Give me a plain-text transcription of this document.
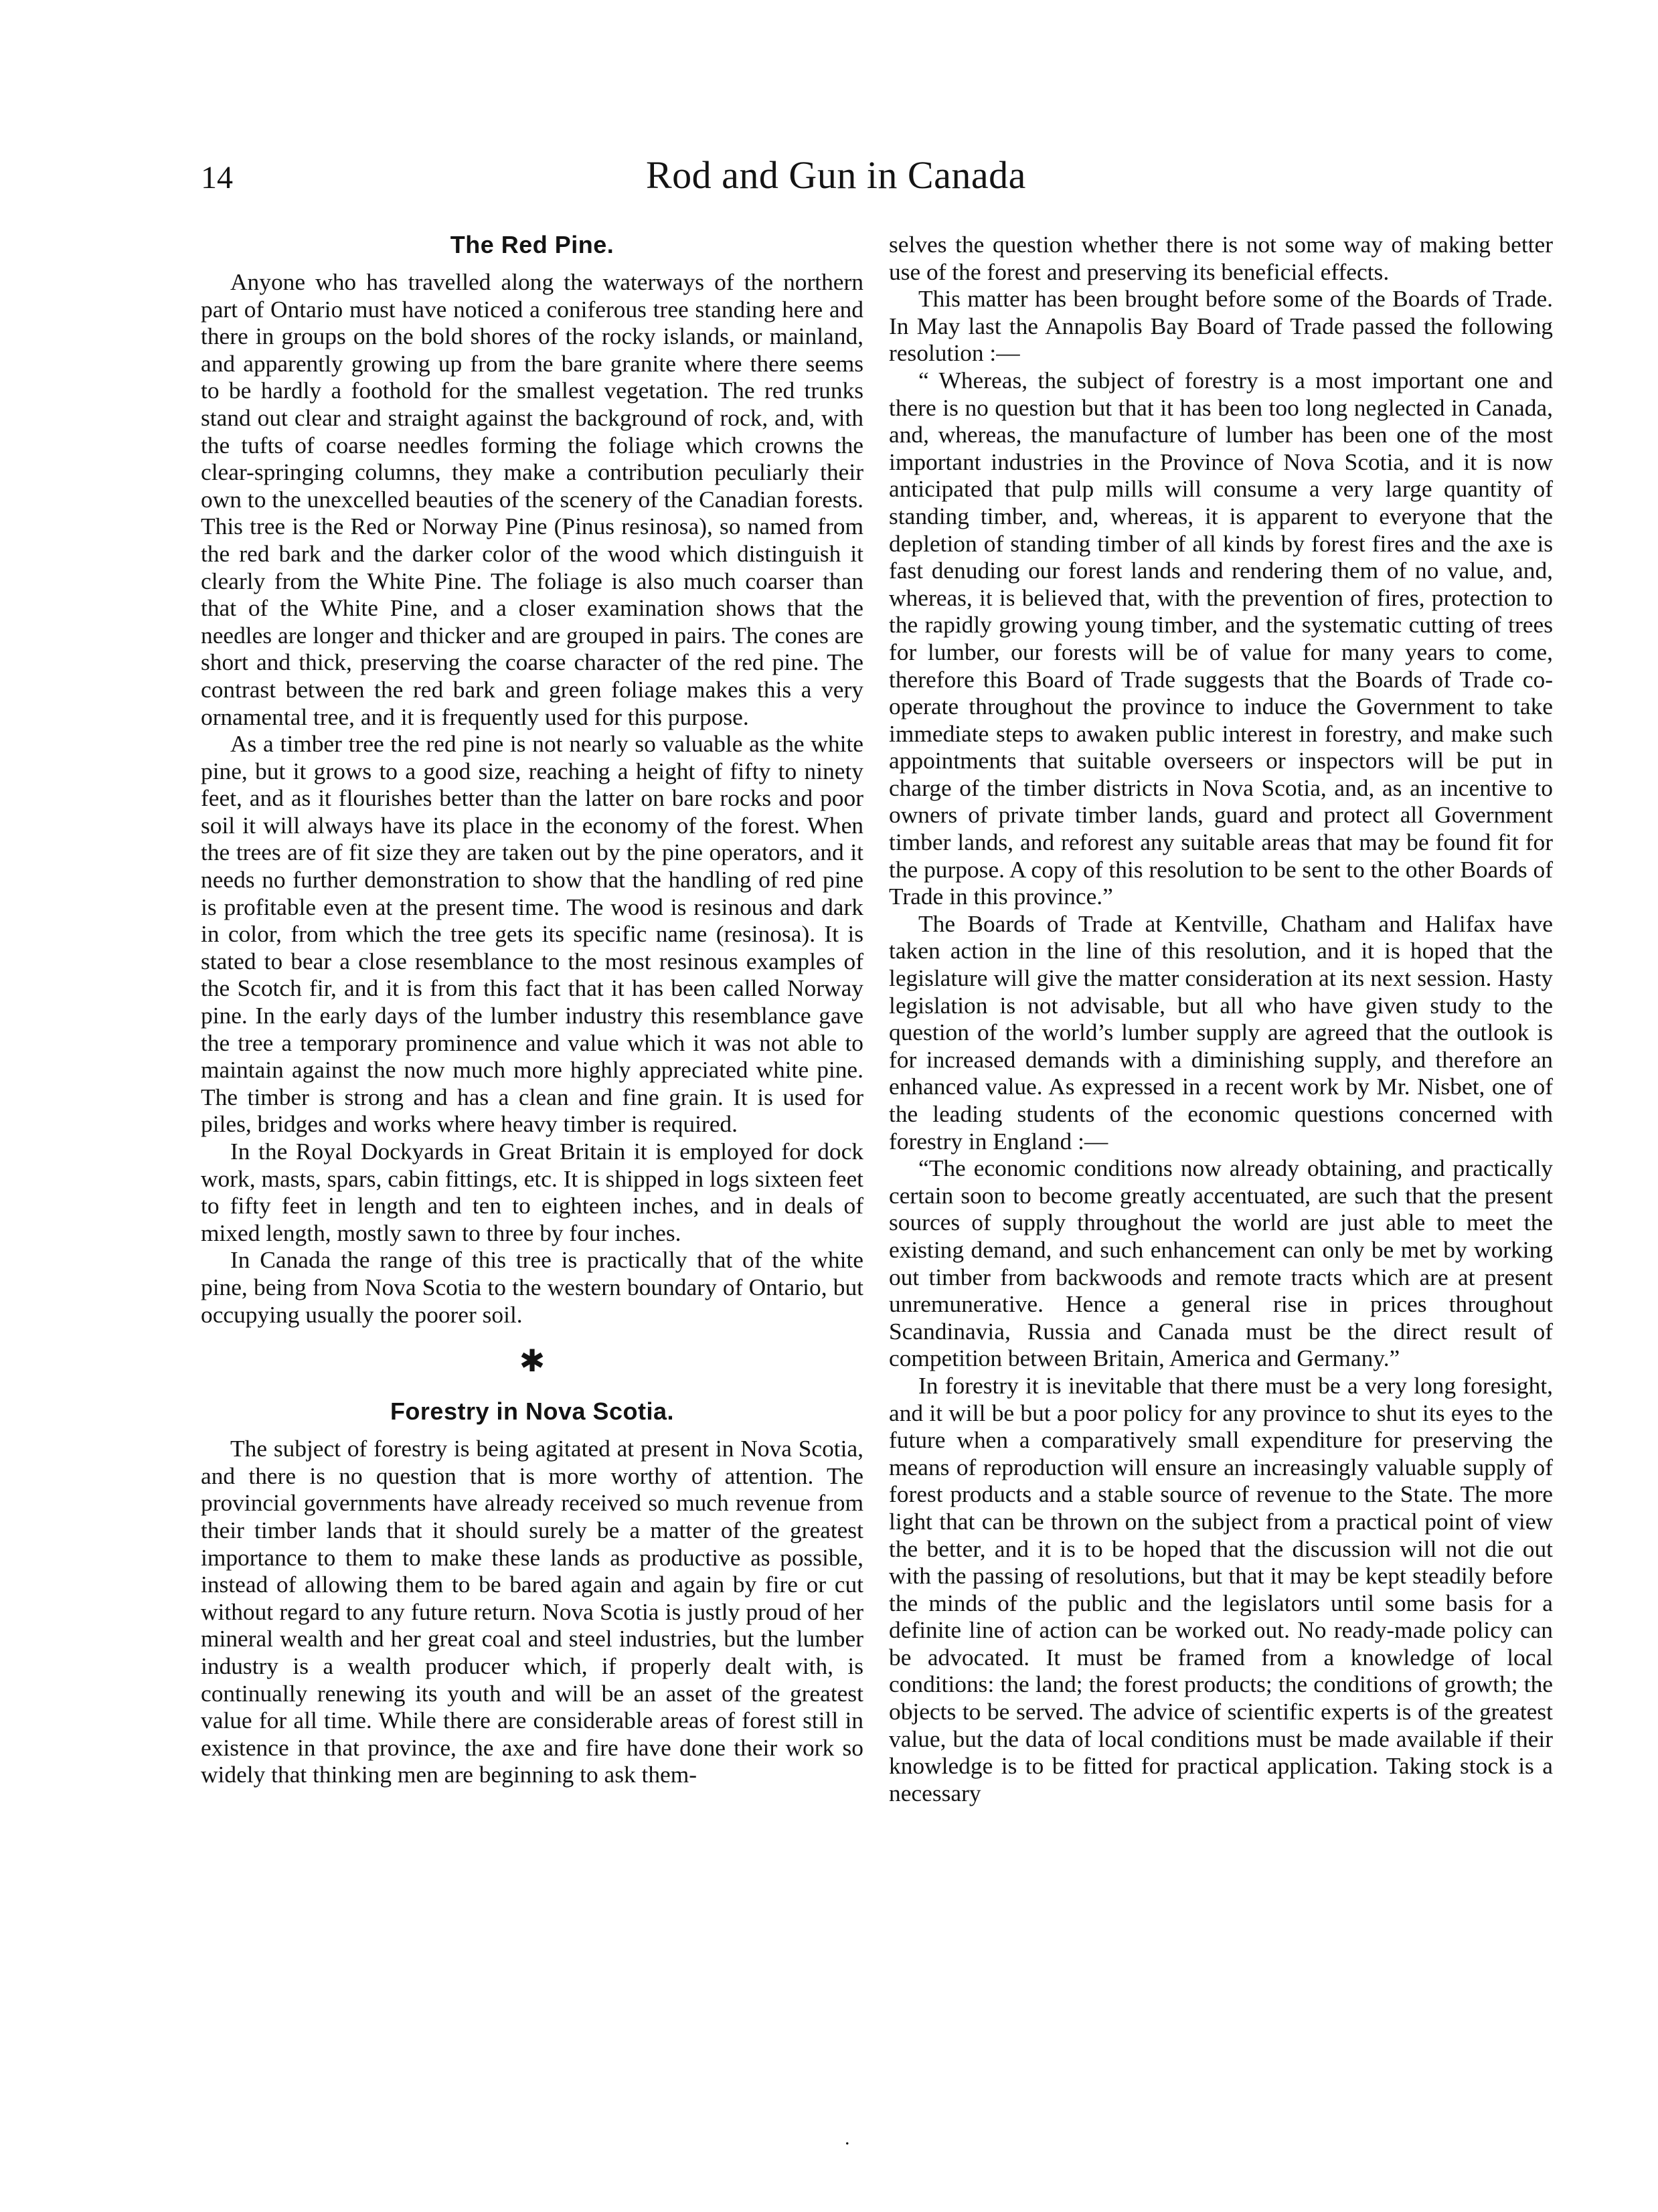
14	Rod and Gun in Canada
The Red Pine.

Anyone who has travelled along the waterways of the northern part of Ontario must have noticed a coniferous tree standing here and there in groups on the bold shores of the rocky islands, or mainland, and apparently growing up from the bare granite where there seems to be hardly a foothold for the smallest vegetation. The red trunks stand out clear and straight against the background of rock, and, with the tufts of coarse needles forming the foliage which crowns the clear-springing columns, they make a contribution peculiarly their own to the unexcelled beauties of the scenery of the Canadian forests. This tree is the Red or Norway Pine (Pinus resinosa), so named from the red bark and the darker color of the wood which distinguish it clearly from the White Pine. The foliage is also much coarser than that of the White Pine, and a closer examination shows that the needles are longer and thicker and are grouped in pairs. The cones are short and thick, preserving the coarse character of the red pine. The contrast between the red bark and green foliage makes this a very ornamental tree, and it is frequently used for this purpose.

As a timber tree the red pine is not nearly so valuable as the white pine, but it grows to a good size, reaching a height of fifty to ninety feet, and as it flourishes better than the latter on bare rocks and poor soil it will always have its place in the economy of the forest. When the trees are of fit size they are taken out by the pine operators, and it needs no further demonstration to show that the handling of red pine is profitable even at the present time. The wood is resinous and dark in color, from which the tree gets its specific name (resinosa). It is stated to bear a close resemblance to the most resinous examples of the Scotch fir, and it is from this fact that it has been called Norway pine. In the early days of the lumber industry this resemblance gave the tree a temporary prominence and value which it was not able to maintain against the now much more highly appreciated white pine. The timber is strong and has a clean and fine grain. It is used for piles, bridges and works where heavy timber is required.

In the Royal Dockyards in Great Britain it is employed for dock work, masts, spars, cabin fittings, etc. It is shipped in logs sixteen feet to fifty feet in length and ten to eighteen inches, and in deals of mixed length, mostly sawn to three by four inches.

In Canada the range of this tree is practically that of the white pine, being from Nova Scotia to the western boundary of Ontario, but occupying usually the poorer soil.

✱
Forestry in Nova Scotia.

The subject of forestry is being agitated at present in Nova Scotia, and there is no question that is more worthy of attention. The provincial governments have already received so much revenue from their timber lands that it should surely be a matter of the greatest importance to them to make these lands as productive as possible, instead of allowing them to be bared again and again by fire or cut without regard to any future return. Nova Scotia is justly proud of her mineral wealth and her great coal and steel industries, but the lumber industry is a wealth producer which, if properly dealt with, is continually renewing its youth and will be an asset of the greatest value for all time. While there are considerable areas of forest still in existence in that province, the axe and fire have done their work so widely that thinking men are beginning to ask them-

selves the question whether there is not some way of making better use of the forest and preserving its beneficial effects.

This matter has been brought before some of the Boards of Trade. In May last the Annapolis Bay Board of Trade passed the following resolution :—

“ Whereas, the subject of forestry is a most important one and there is no question but that it has been too long neglected in Canada, and, whereas, the manufacture of lumber has been one of the most important industries in the Province of Nova Scotia, and it is now anticipated that pulp mills will consume a very large quantity of standing timber, and, whereas, it is apparent to everyone that the depletion of standing timber of all kinds by forest fires and the axe is fast denuding our forest lands and rendering them of no value, and, whereas, it is believed that, with the prevention of fires, protection to the rapidly growing young timber, and the systematic cutting of trees for lumber, our forests will be of value for many years to come, therefore this Board of Trade suggests that the Boards of Trade co-operate throughout the province to induce the Government to take immediate steps to awaken public interest in forestry, and make such appointments that suitable overseers or inspectors will be put in charge of the timber districts in Nova Scotia, and, as an incentive to owners of private timber lands, guard and protect all Government timber lands, and reforest any suitable areas that may be found fit for the purpose. A copy of this resolution to be sent to the other Boards of Trade in this province.”

The Boards of Trade at Kentville, Chatham and Halifax have taken action in the line of this resolution, and it is hoped that the legislature will give the matter consideration at its next session. Hasty legislation is not advisable, but all who have given study to the question of the world’s lumber supply are agreed that the outlook is for increased demands with a diminishing supply, and therefore an enhanced value. As expressed in a recent work by Mr. Nisbet, one of the leading students of the economic questions concerned with forestry in England :—

“The economic conditions now already obtaining, and practically certain soon to become greatly accentuated, are such that the present sources of supply throughout the world are just able to meet the existing demand, and such enhancement can only be met by working out timber from backwoods and remote tracts which are at present unremunerative. Hence a general rise in prices throughout Scandinavia, Russia and Canada must be the direct result of competition between Britain, America and Germany.”

In forestry it is inevitable that there must be a very long foresight, and it will be but a poor policy for any province to shut its eyes to the future when a comparatively small expenditure for preserving the means of reproduction will ensure an increasingly valuable supply of forest products and a stable source of revenue to the State. The more light that can be thrown on the subject from a practical point of view the better, and it is to be hoped that the discussion will not die out with the passing of resolutions, but that it may be kept steadily before the minds of the public and the legislators until some basis for a definite line of action can be worked out. No ready-made policy can be advocated. It must be framed from a knowledge of local conditions: the land; the forest products; the conditions of growth; the objects to be served. The advice of scientific experts is of the greatest value, but the data of local conditions must be made available if their knowledge is to be fitted for practical application. Taking stock is a necessary

.
